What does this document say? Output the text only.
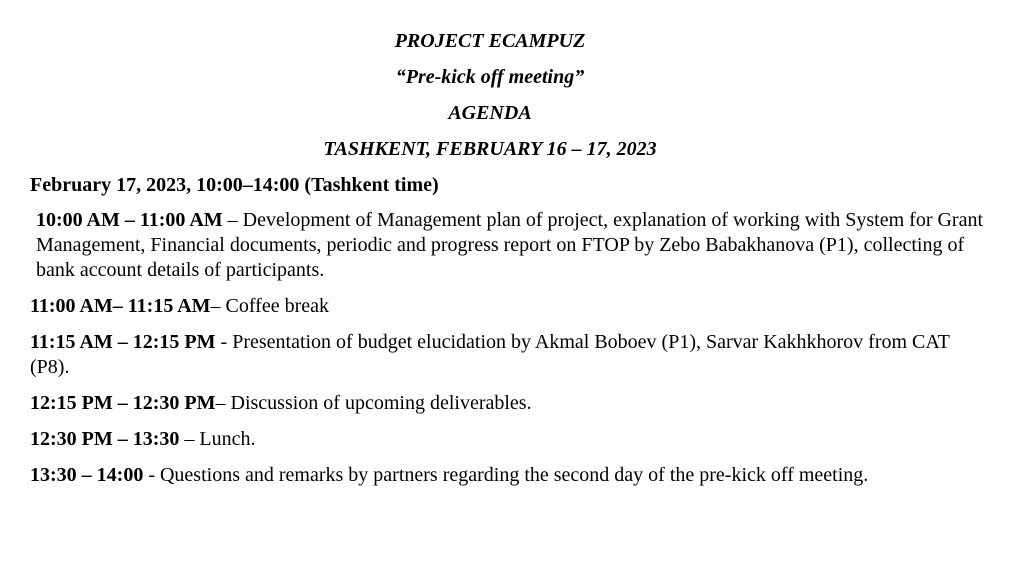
PROJECT ECAMPUZ
“Pre-kick off meeting”
AGENDA
TASHKENT, FEBRUARY 16 – 17, 2023

February 17, 2023, 10:00–14:00 (Tashkent time)

10:00 AM – 11:00 AM – Development of Management plan of project, explanation of working with System for Grant Management, Financial documents, periodic and progress report on FTOP by Zebo Babakhanova (P1), collecting of bank account details of participants.

11:00 AM– 11:15 AM– Coffee break

11:15 AM – 12:15 PM - Presentation of budget elucidation by Akmal Boboev (P1), Sarvar Kakhkhorov from CAT (P8).

12:15 PM – 12:30 PM– Discussion of upcoming deliverables.

12:30 PM – 13:30 – Lunch.

13:30 – 14:00 - Questions and remarks by partners regarding the second day of the pre-kick off meeting.
